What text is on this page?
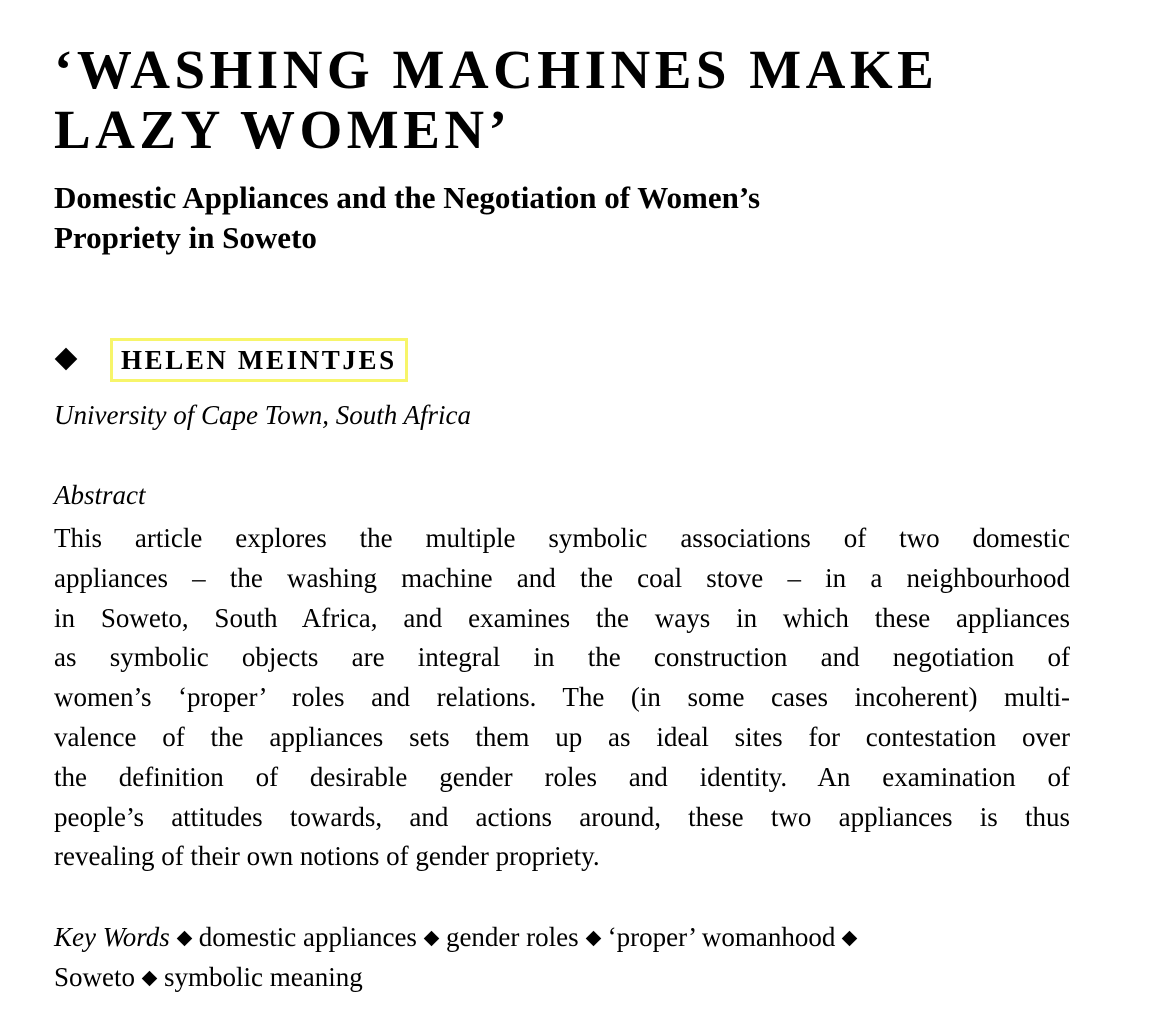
‘WASHING MACHINES MAKE
LAZY WOMEN’
Domestic Appliances and the Negotiation of Women’s
Propriety in Soweto
HELEN MEINTJES
University of Cape Town, South Africa
Abstract
This article explores the multiple symbolic associations of two domestic
appliances – the washing machine and the coal stove – in a neighbourhood
in Soweto, South Africa, and examines the ways in which these appliances
as symbolic objects are integral in the construction and negotiation of
women’s ‘proper’ roles and relations. The (in some cases incoherent) multi-
valence of the appliances sets them up as ideal sites for contestation over
the definition of desirable gender roles and identity. An examination of
people’s attitudes towards, and actions around, these two appliances is thus
revealing of their own notions of gender propriety.
Key Words domestic appliances gender roles ‘proper’ womanhood
Soweto symbolic meaning
